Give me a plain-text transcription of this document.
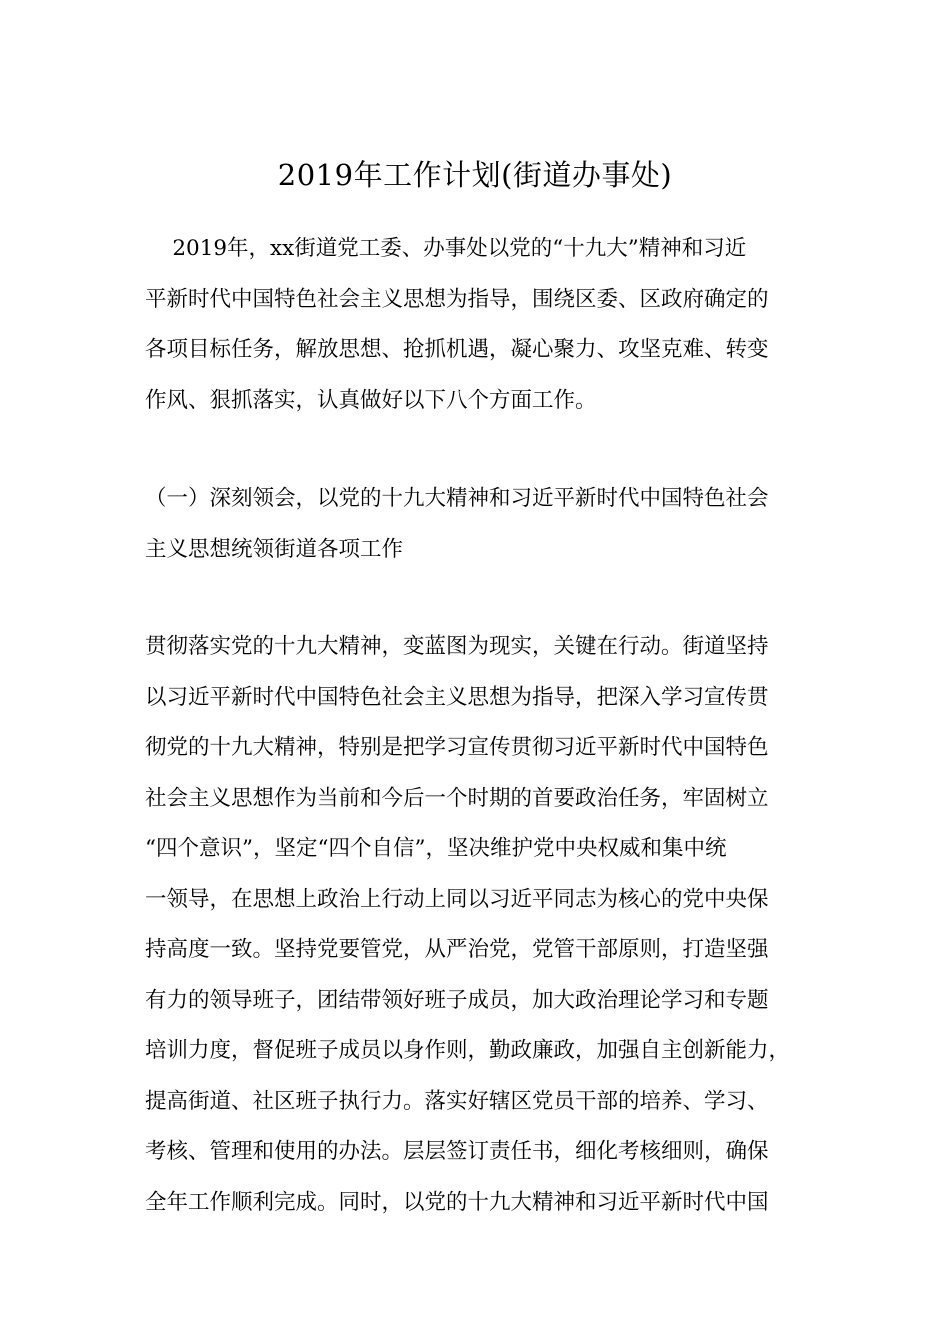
2019年工作计划(街道办事处)
2019年，xx街道党工委、办事处以党的“十九大”精神和习近
平新时代中国特色社会主义思想为指导，围绕区委、区政府确定的
各项目标任务，解放思想、抢抓机遇，凝心聚力、攻坚克难、转变
作风、狠抓落实，认真做好以下八个方面工作。
（一）深刻领会，以党的十九大精神和习近平新时代中国特色社会
主义思想统领街道各项工作
贯彻落实党的十九大精神，变蓝图为现实，关键在行动。街道坚持
以习近平新时代中国特色社会主义思想为指导，把深入学习宣传贯
彻党的十九大精神，特别是把学习宣传贯彻习近平新时代中国特色
社会主义思想作为当前和今后一个时期的首要政治任务，牢固树立
“四个意识”，坚定“四个自信”，坚决维护党中央权威和集中统
一领导，在思想上政治上行动上同以习近平同志为核心的党中央保
持高度一致。坚持党要管党，从严治党，党管干部原则，打造坚强
有力的领导班子，团结带领好班子成员，加大政治理论学习和专题
培训力度，督促班子成员以身作则，勤政廉政，加强自主创新能力，
提高街道、社区班子执行力。落实好辖区党员干部的培养、学习、
考核、管理和使用的办法。层层签订责任书，细化考核细则，确保
全年工作顺利完成。同时，以党的十九大精神和习近平新时代中国
